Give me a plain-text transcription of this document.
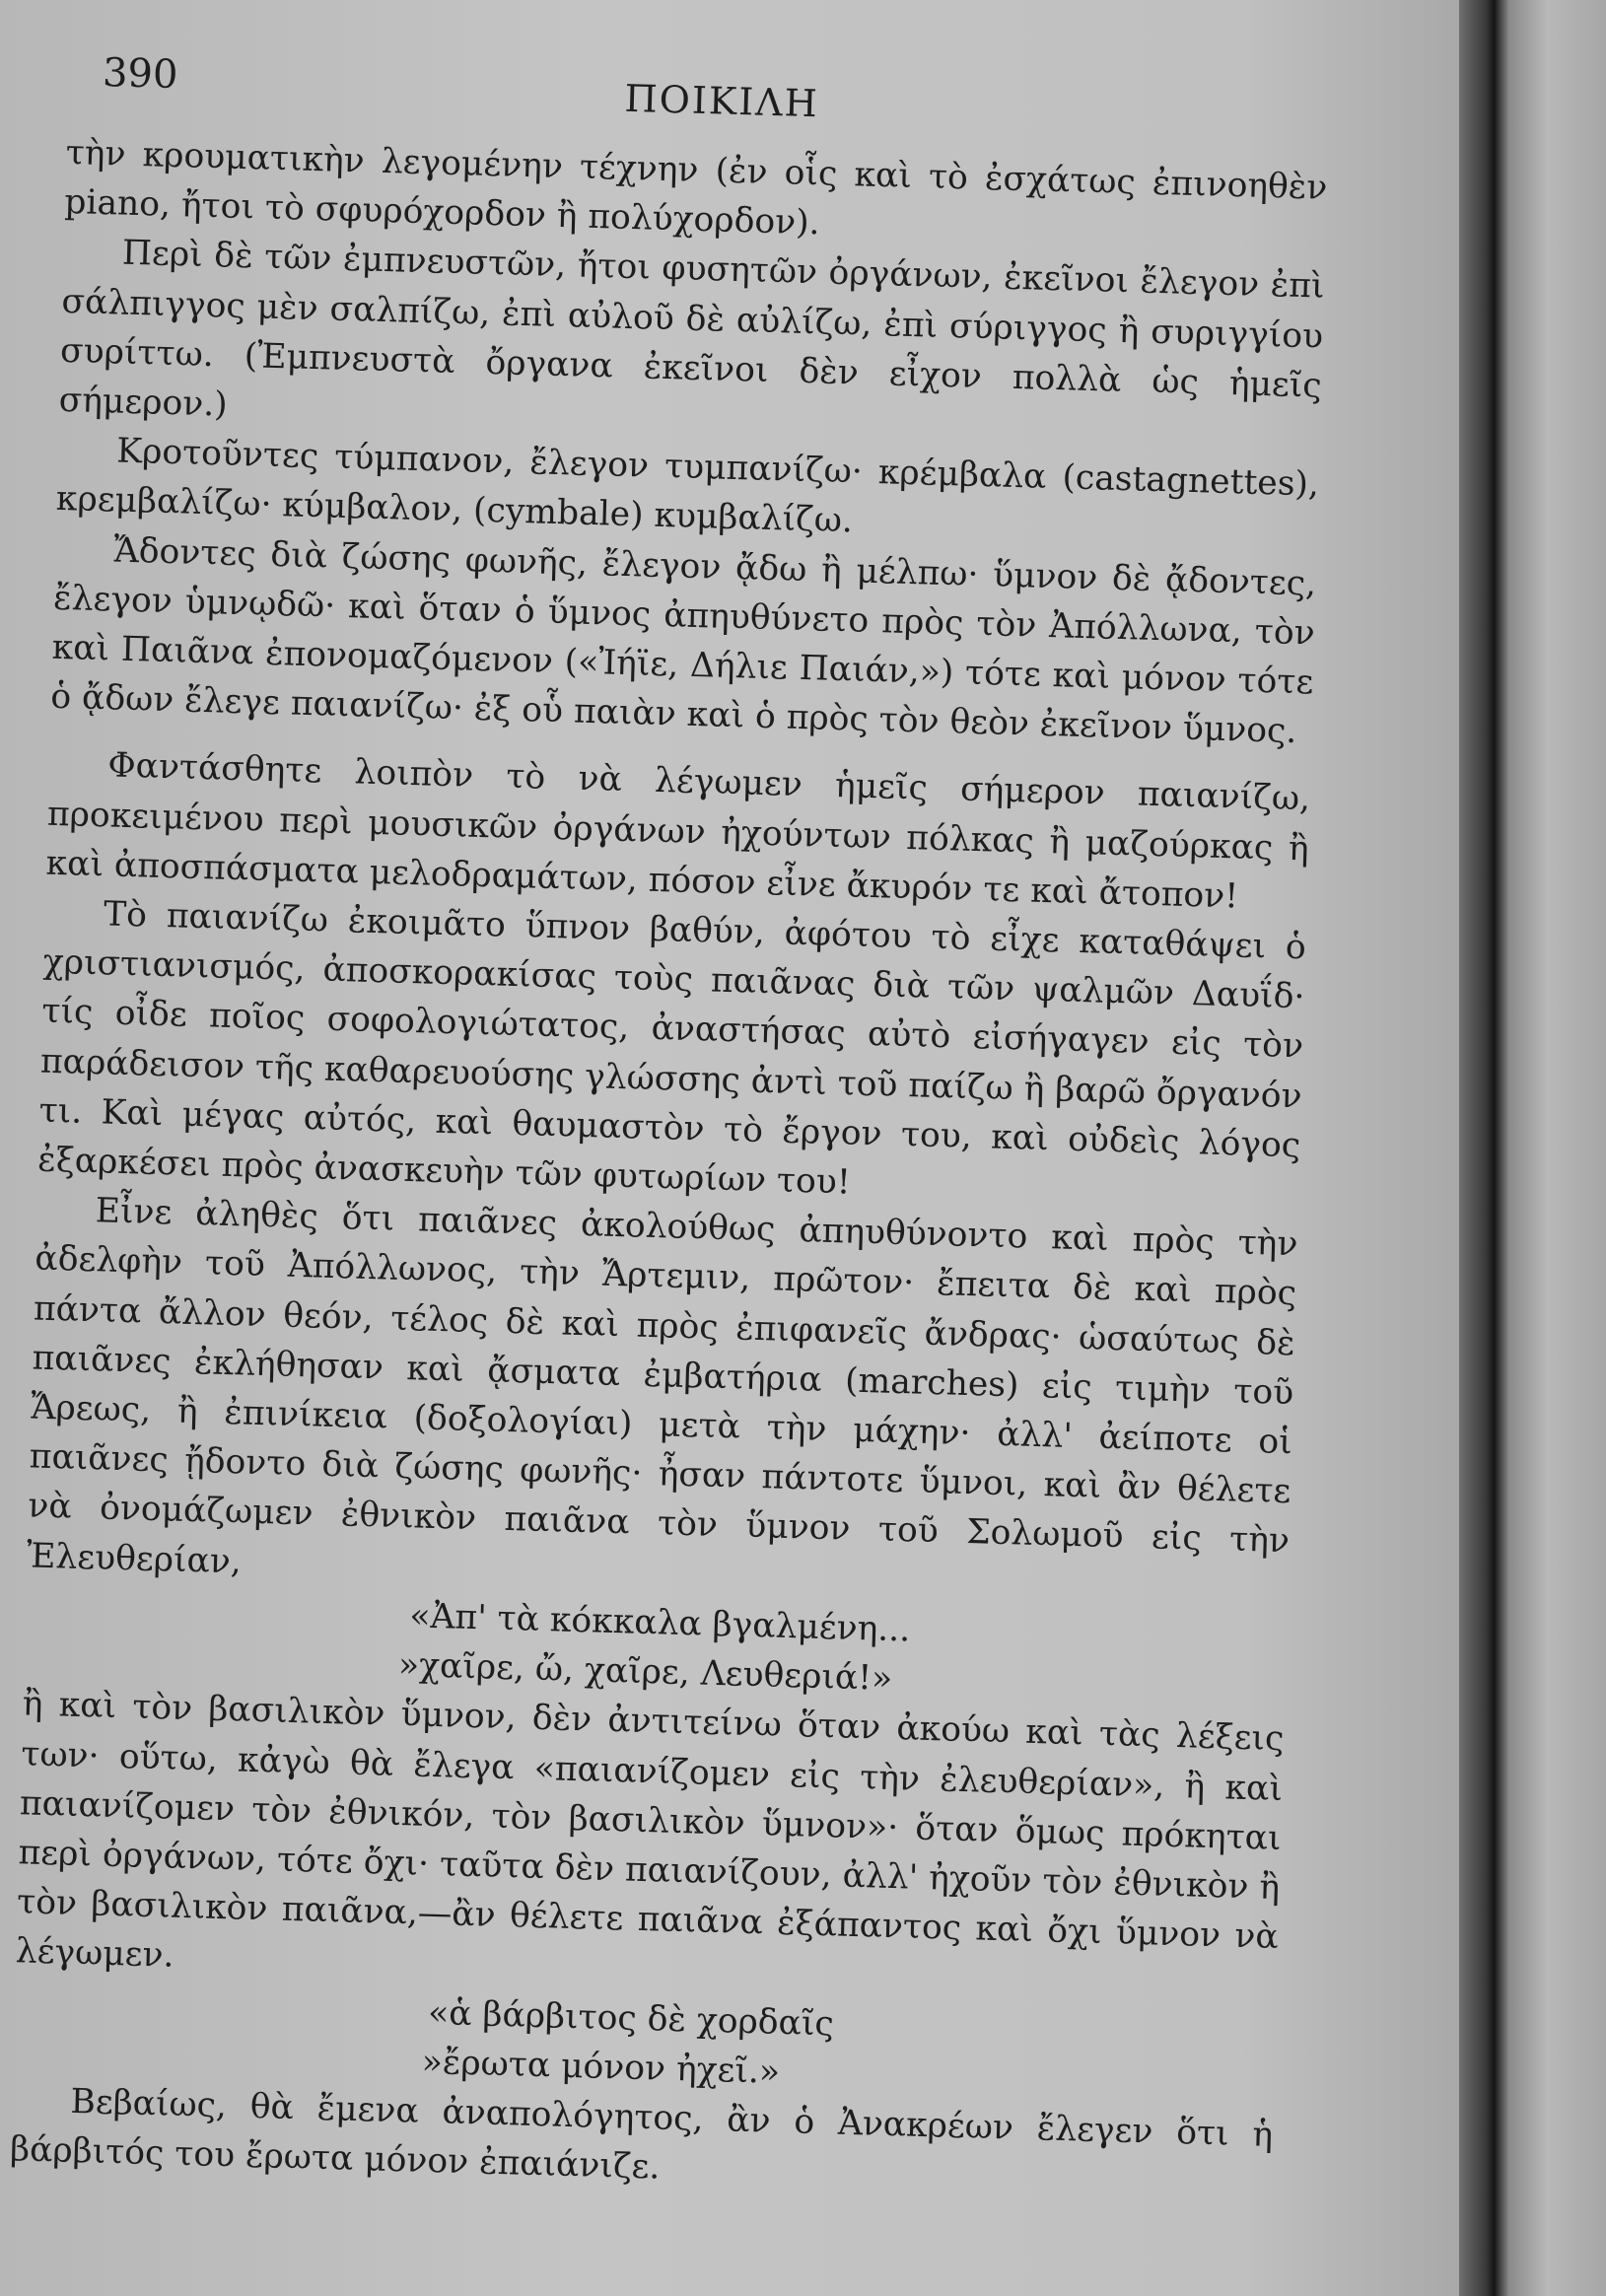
390
ΠΟΙΚΙΛΗ

τὴν κρουματικὴν λεγομένην τέχνην (ἐν οἷς καὶ τὸ ἐσχάτως ἐπινοηθὲν piano, ἤτοι τὸ σφυρόχορδον ἢ πολύχορδον).

Περὶ δὲ τῶν ἐμπνευστῶν, ἤτοι φυσητῶν ὀργάνων, ἐκεῖνοι ἔλεγον ἐπὶ σάλπιγγος μὲν σαλπίζω, ἐπὶ αὐλοῦ δὲ αὐλίζω, ἐπὶ σύριγγος ἢ συριγγίου συρίττω. (Ἐμπνευστὰ ὄργανα ἐκεῖνοι δὲν εἶχον πολλὰ ὡς ἡμεῖς σήμερον.)

Κροτοῦντες τύμπανον, ἔλεγον τυμπανίζω· κρέμβαλα (castagnettes), κρεμβαλίζω· κύμβαλον, (cymbale) κυμβαλίζω.

Ἄδοντες διὰ ζώσης φωνῆς, ἔλεγον ᾄδω ἢ μέλπω· ὕμνον δὲ ᾄδοντες, ἔλεγον ὑμνῳδῶ· καὶ ὅταν ὁ ὕμνος ἀπηυθύνετο πρὸς τὸν Ἀπόλλωνα, τὸν καὶ Παιᾶνα ἐπονομαζόμενον («Ἰήϊε, Δήλιε Παιάν,») τότε καὶ μόνον τότε ὁ ᾄδων ἔλεγε παιανίζω· ἐξ οὗ παιὰν καὶ ὁ πρὸς τὸν θεὸν ἐκεῖνον ὕμνος.

Φαντάσθητε λοιπὸν τὸ νὰ λέγωμεν ἡμεῖς σήμερον παιανίζω, προκειμένου περὶ μουσικῶν ὀργάνων ἠχούντων πόλκας ἢ μαζούρκας ἢ καὶ ἀποσπάσματα μελοδραμάτων, πόσον εἶνε ἄκυρόν τε καὶ ἄτοπον!

Τὸ παιανίζω ἐκοιμᾶτο ὕπνον βαθύν, ἀφότου τὸ εἶχε καταθάψει ὁ χριστιανισμός, ἀποσκορακίσας τοὺς παιᾶνας διὰ τῶν ψαλμῶν Δαυΐδ· τίς οἶδε ποῖος σοφολογιώτατος, ἀναστήσας αὐτὸ εἰσήγαγεν εἰς τὸν παράδεισον τῆς καθαρευούσης γλώσσης ἀντὶ τοῦ παίζω ἢ βαρῶ ὄργανόν τι. Καὶ μέγας αὐτός, καὶ θαυμαστὸν τὸ ἔργον του, καὶ οὐδεὶς λόγος ἐξαρκέσει πρὸς ἀνασκευὴν τῶν φυτωρίων του!

Εἶνε ἀληθὲς ὅτι παιᾶνες ἀκολούθως ἀπηυθύνοντο καὶ πρὸς τὴν ἀδελφὴν τοῦ Ἀπόλλωνος, τὴν Ἄρτεμιν, πρῶτον· ἔπειτα δὲ καὶ πρὸς πάντα ἄλλον θεόν, τέλος δὲ καὶ πρὸς ἐπιφανεῖς ἄνδρας· ὡσαύτως δὲ παιᾶνες ἐκλήθησαν καὶ ᾄσματα ἐμβατήρια (marches) εἰς τιμὴν τοῦ Ἄρεως, ἢ ἐπινίκεια (δοξολογίαι) μετὰ τὴν μάχην· ἀλλ' ἀείποτε οἱ παιᾶνες ᾔδοντο διὰ ζώσης φωνῆς· ἦσαν πάντοτε ὕμνοι, καὶ ἂν θέλετε νὰ ὀνομάζωμεν ἐθνικὸν παιᾶνα τὸν ὕμνον τοῦ Σολωμοῦ εἰς τὴν Ἐλευθερίαν,

«Ἀπ' τὰ κόκκαλα βγαλμένη...

»χαῖρε, ὤ, χαῖρε, Λευθεριά!»

ἢ καὶ τὸν βασιλικὸν ὕμνον, δὲν ἀντιτείνω ὅταν ἀκούω καὶ τὰς λέξεις των· οὕτω, κἀγὼ θὰ ἔλεγα «παιανίζομεν εἰς τὴν ἐλευθερίαν», ἢ καὶ παιανίζομεν τὸν ἐθνικόν, τὸν βασιλικὸν ὕμνον»· ὅταν ὅμως πρόκηται περὶ ὀργάνων, τότε ὄχι· ταῦτα δὲν παιανίζουν, ἀλλ' ἠχοῦν τὸν ἐθνικὸν ἢ τὸν βασιλικὸν παιᾶνα,—ἂν θέλετε παιᾶνα ἐξάπαντος καὶ ὄχι ὕμνον νὰ λέγωμεν.

«ἁ βάρβιτος δὲ χορδαῖς

»ἔρωτα μόνον ἠχεῖ.»

Βεβαίως, θὰ ἔμενα ἀναπολόγητος, ἂν ὁ Ἀνακρέων ἔλεγεν ὅτι ἡ βάρβιτός του ἔρωτα μόνον ἐπαιάνιζε.
